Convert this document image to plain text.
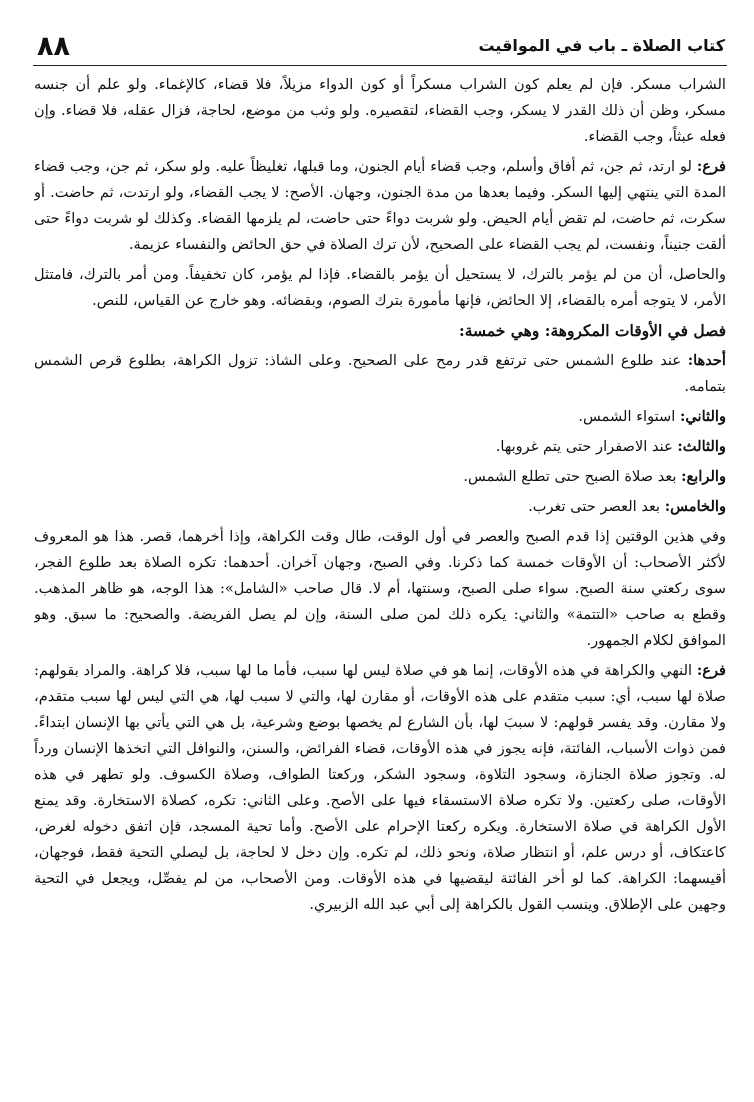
٨٨	كتاب الصلاة ـ باب في المواقيت

الشراب مسكر. فإن لم يعلم كون الشراب مسكراً أو كون الدواء مزيلاً، فلا قضاء، كالإغماء. ولو علم أن جنسه مسكر، وظن أن ذلك القدر لا يسكر، وجب القضاء، لتقصيره. ولو وثب من موضع، لحاجة، فزال عقله، فلا قضاء. وإن فعله عبثاً، وجب القضاء.

فرع: لو ارتد، ثم جن، ثم أفاق وأسلم، وجب قضاء أيام الجنون، وما قبلها، تغليظاً عليه. ولو سكر، ثم جن، وجب قضاء المدة التي ينتهي إليها السكر. وفيما بعدها من مدة الجنون، وجهان. الأصح: لا يجب القضاء، ولو ارتدت، ثم حاضت. أو سكرت، ثم حاضت، لم تقض أيام الحيض. ولو شربت دواءً حتى حاضت، لم يلزمها القضاء. وكذلك لو شربت دواءً حتى ألقت جنيناً، ونفست، لم يجب القضاء على الصحيح، لأن ترك الصلاة في حق الحائض والنفساء عزيمة.

والحاصل، أن من لم يؤمر بالترك، لا يستحيل أن يؤمر بالقضاء. فإذا لم يؤمر، كان تخفيفاً. ومن أمر بالترك، فامتثل الأمر، لا يتوجه أمره بالقضاء، إلا الحائض، فإنها مأمورة بترك الصوم، وبقضائه. وهو خارج عن القياس، للنص.

فصل في الأوقات المكروهة: وهي خمسة:

أحدها: عند طلوع الشمس حتى ترتفع قدر رمح على الصحيح. وعلى الشاذ: تزول الكراهة، بطلوع قرص الشمس بتمامه.

والثاني: استواء الشمس.

والثالث: عند الاصفرار حتى يتم غروبها.

والرابع: بعد صلاة الصبح حتى تطلع الشمس.

والخامس: بعد العصر حتى تغرب.

وفي هذين الوقتين إذا قدم الصبح والعصر في أول الوقت، طال وقت الكراهة، وإذا أخرهما، قصر. هذا هو المعروف لأكثر الأصحاب: أن الأوقات خمسة كما ذكرنا. وفي الصبح، وجهان آخران. أحدهما: تكره الصلاة بعد طلوع الفجر، سوى ركعتي سنة الصبح. سواء صلى الصبح، وسنتها، أم لا. قال صاحب «الشامل»: هذا الوجه، هو ظاهر المذهب. وقطع به صاحب «التتمة» والثاني: يكره ذلك لمن صلى السنة، وإن لم يصل الفريضة. والصحيح: ما سبق. وهو الموافق لكلام الجمهور.

فرع: النهي والكراهة في هذه الأوقات، إنما هو في صلاة ليس لها سبب، فأما ما لها سبب، فلا كراهة. والمراد بقولهم: صلاة لها سبب، أي: سبب متقدم على هذه الأوقات، أو مقارن لها، والتي لا سبب لها، هي التي ليس لها سبب متقدم، ولا مقارن. وقد يفسر قولهم: لا سببَ لها، بأن الشارع لم يخصها بوضع وشرعية، بل هي التي يأتي بها الإنسان ابتداءً. فمن ذوات الأسباب، الفائتة، فإنه يجوز في هذه الأوقات، قضاء الفرائض، والسنن، والنوافل التي اتخذها الإنسان ورداً له. وتجوز صلاة الجنازة، وسجود التلاوة، وسجود الشكر، وركعتا الطواف، وصلاة الكسوف. ولو تطهر في هذه الأوقات، صلى ركعتين. ولا تكره صلاة الاستسقاء فيها على الأصح. وعلى الثاني: تكره، كصلاة الاستخارة. وقد يمنع الأول الكراهة في صلاة الاستخارة. ويكره ركعتا الإحرام على الأصح. وأما تحية المسجد، فإن اتفق دخوله لغرض، كاعتكاف، أو درس علم، أو انتظار صلاة، ونحو ذلك، لم تكره. وإن دخل لا لحاجة، بل ليصلي التحية فقط، فوجهان، أقيسهما: الكراهة. كما لو أخر الفائتة ليقضيها في هذه الأوقات. ومن الأصحاب، من لم يفصِّل، ويجعل في التحية وجهين على الإطلاق. وينسب القول بالكراهة إلى أبي عبد الله الزبيري.
